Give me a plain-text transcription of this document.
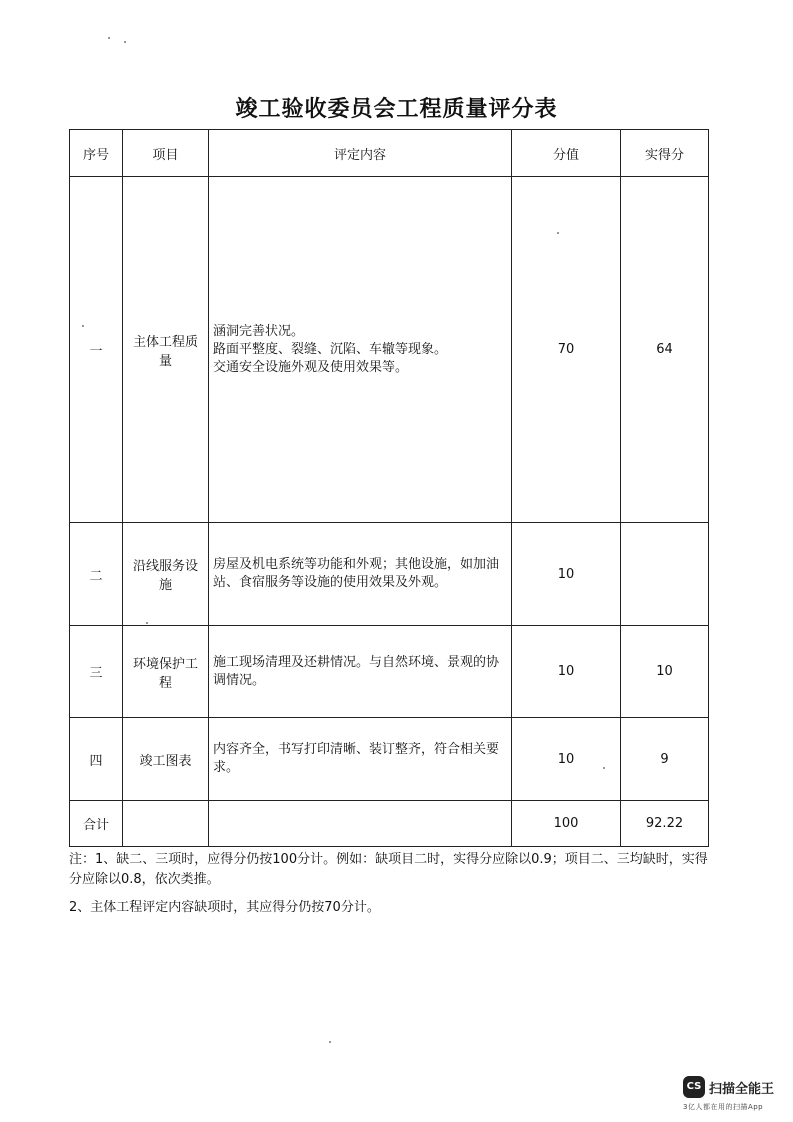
竣工验收委员会工程质量评分表
序号	项目	评定内容	分值	实得分
一	主体工程质量	涵洞完善状况。
路面平整度、裂缝、沉陷、车辙等现象。
交通安全设施外观及使用效果等。	70	64
二	沿线服务设施	房屋及机电系统等功能和外观；其他设施，如加油站、食宿服务等设施的使用效果及外观。	10	
三	环境保护工程	施工现场清理及还耕情况。与自然环境、景观的协调情况。	10	10
四	竣工图表	内容齐全，书写打印清晰、装订整齐，符合相关要求。	10	9
合计			100	92.22
注：1、缺二、三项时，应得分仍按100分计。例如：缺项目二时，实得分应除以0.9；项目二、三均缺时，实得分应除以0.8，依次类推。
2、主体工程评定内容缺项时，其应得分仍按70分计。
CS 扫描全能王
3亿人都在用的扫描App
